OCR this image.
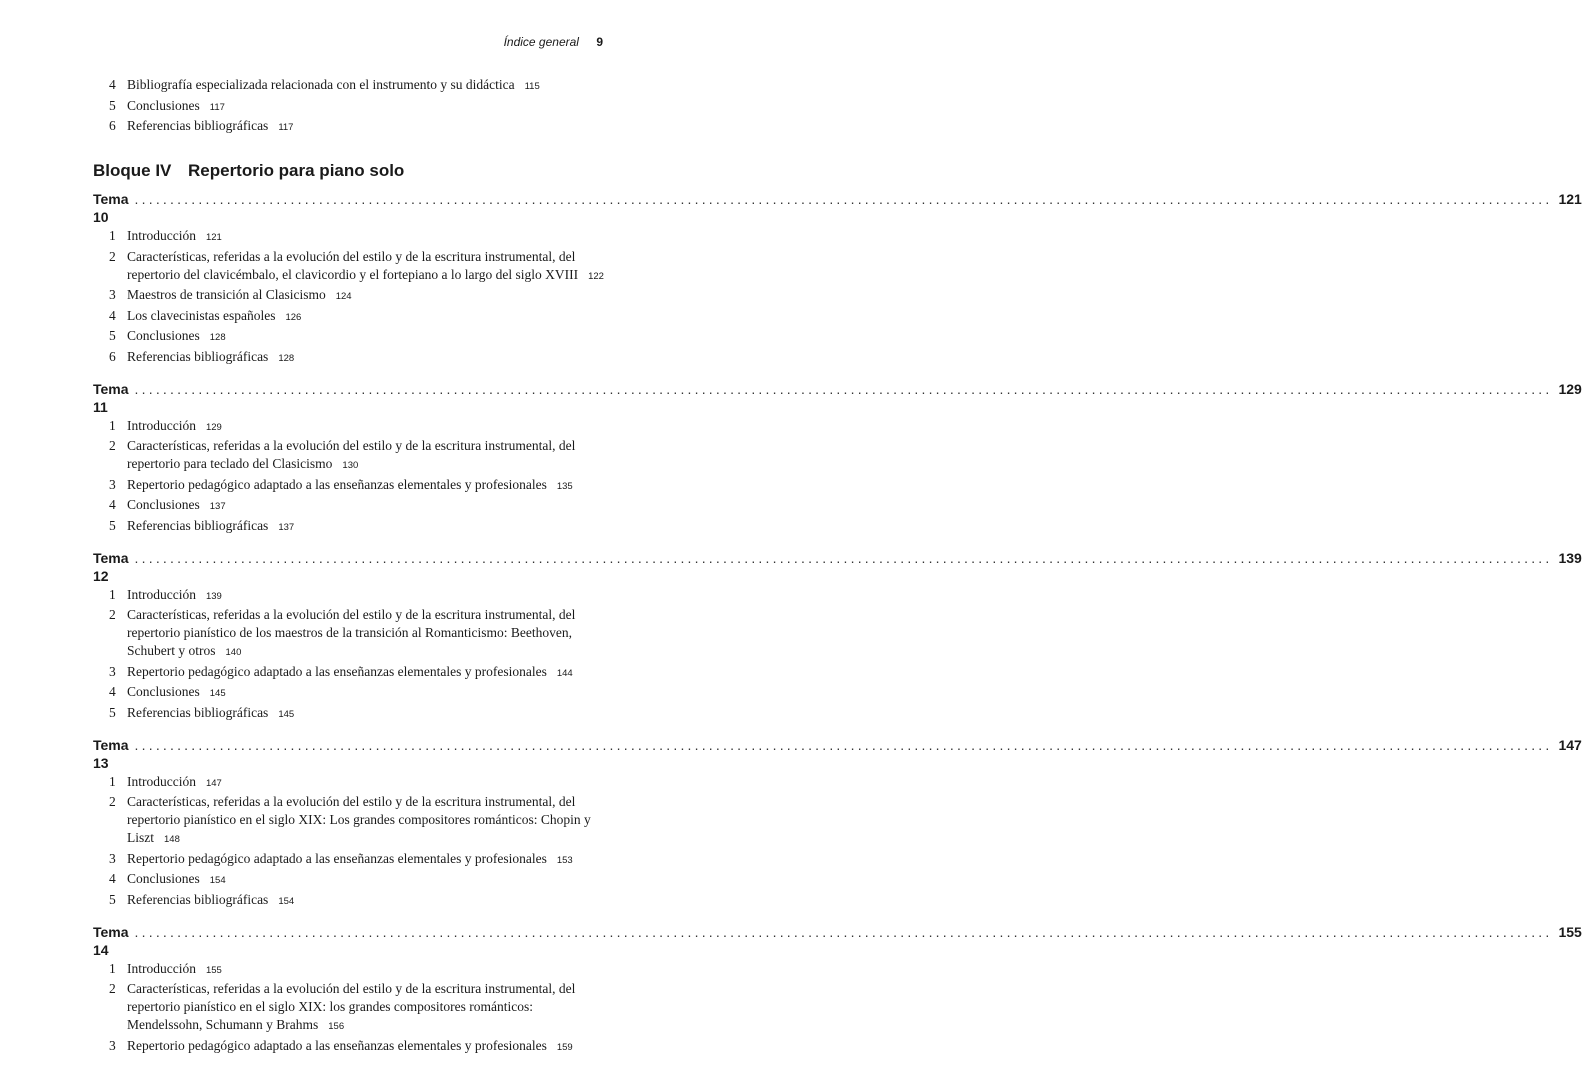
Índice general 9
4 Bibliografía especializada relacionada con el instrumento y su didáctica 115
5 Conclusiones 117
6 Referencias bibliográficas 117
Bloque IV Repertorio para piano solo
Tema 10
........................................................................................................................................................................................................ 121
1 Introducción 121
2 Características, referidas a la evolución del estilo y de la escritura instrumental, del repertorio del clavicémbalo, el clavicordio y el fortepiano a lo largo del siglo XVIII 122
3 Maestros de transición al Clasicismo 124
4 Los clavecinistas españoles 126
5 Conclusiones 128
6 Referencias bibliográficas 128
Tema 11
........................................................................................................................................................................................................ 129
1 Introducción 129
2 Características, referidas a la evolución del estilo y de la escritura instrumental, del repertorio para teclado del Clasicismo 130
3 Repertorio pedagógico adaptado a las enseñanzas elementales y profesionales 135
4 Conclusiones 137
5 Referencias bibliográficas 137
Tema 12
........................................................................................................................................................................................................ 139
1 Introducción 139
2 Características, referidas a la evolución del estilo y de la escritura instrumental, del repertorio pianístico de los maestros de la transición al Romanticismo: Beethoven, Schubert y otros 140
3 Repertorio pedagógico adaptado a las enseñanzas elementales y profesionales 144
4 Conclusiones 145
5 Referencias bibliográficas 145
Tema 13
........................................................................................................................................................................................................ 147
1 Introducción 147
2 Características, referidas a la evolución del estilo y de la escritura instrumental, del repertorio pianístico en el siglo XIX: Los grandes compositores románticos: Chopin y Liszt 148
3 Repertorio pedagógico adaptado a las enseñanzas elementales y profesionales 153
4 Conclusiones 154
5 Referencias bibliográficas 154
Tema 14
........................................................................................................................................................................................................ 155
1 Introducción 155
2 Características, referidas a la evolución del estilo y de la escritura instrumental, del repertorio pianístico en el siglo XIX: los grandes compositores románticos: Mendelssohn, Schumann y Brahms 156
3 Repertorio pedagógico adaptado a las enseñanzas elementales y profesionales 159
